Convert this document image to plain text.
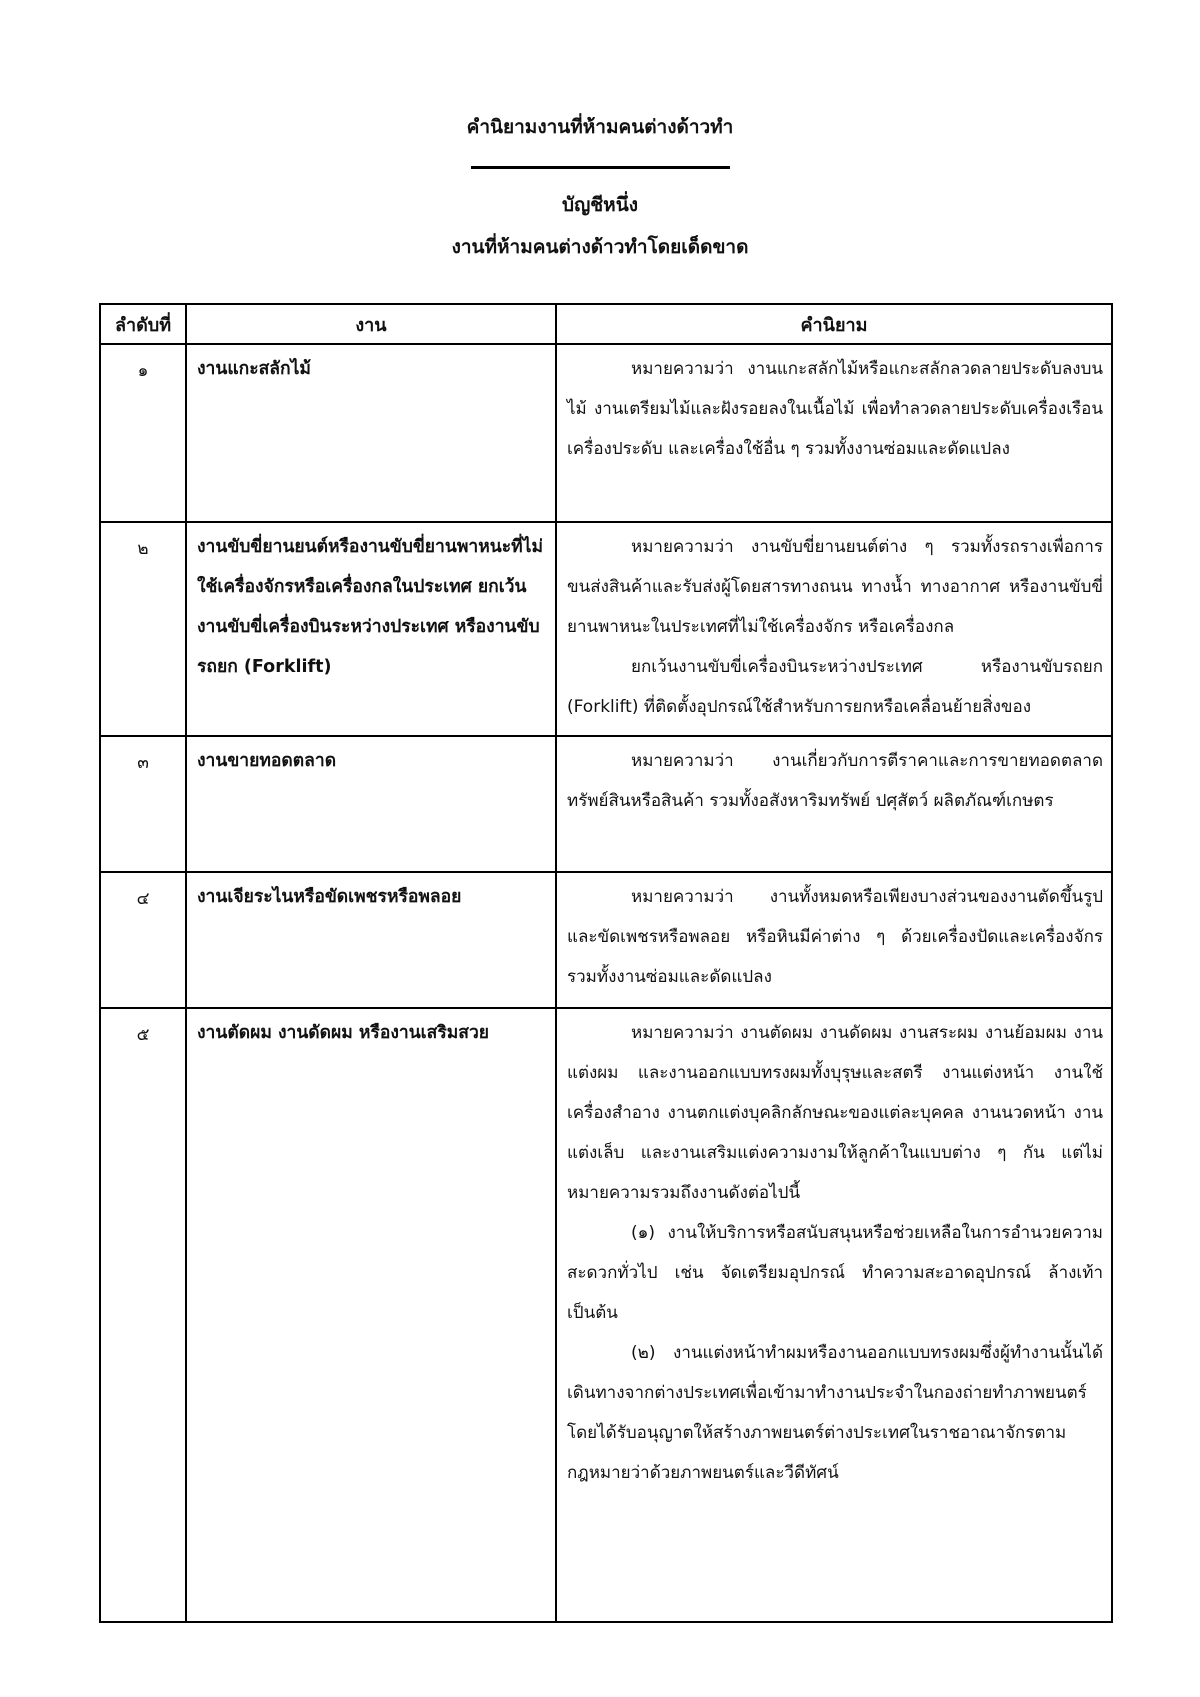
คำนิยามงานที่ห้ามคนต่างด้าวทำ
บัญชีหนึ่ง
งานที่ห้ามคนต่างด้าวทำโดยเด็ดขาด
ลำดับที่	งาน	คำนิยาม
๑	งานแกะสลักไม้	หมายความว่า งานแกะสลักไม้หรือแกะสลักลวดลายประดับลงบนไม้ งานเตรียมไม้และฝังรอยลงในเนื้อไม้ เพื่อทำลวดลายประดับเครื่องเรือน เครื่องประดับ และเครื่องใช้อื่น ๆ รวมทั้งงานซ่อมและดัดแปลง

๒	งานขับขี่ยานยนต์หรืองานขับขี่ยานพาหนะที่ไม่ใช้เครื่องจักรหรือเครื่องกลในประเทศ ยกเว้นงานขับขี่เครื่องบินระหว่างประเทศ หรืองานขับรถยก (Forklift)	หมายความว่า งานขับขี่ยานยนต์ต่าง ๆ รวมทั้งรถรางเพื่อการขนส่งสินค้าและรับส่งผู้โดยสารทางถนน ทางน้ำ ทางอากาศ หรืองานขับขี่ยานพาหนะในประเทศที่ไม่ใช้เครื่องจักร หรือเครื่องกล

ยกเว้นงานขับขี่เครื่องบินระหว่างประเทศ หรืองานขับรถยก (Forklift) ที่ติดตั้งอุปกรณ์ใช้สำหรับการยกหรือเคลื่อนย้ายสิ่งของ

๓	งานขายทอดตลาด	หมายความว่า งานเกี่ยวกับการตีราคาและการขายทอดตลาดทรัพย์สินหรือสินค้า รวมทั้งอสังหาริมทรัพย์ ปศุสัตว์ ผลิตภัณฑ์เกษตร

๔	งานเจียระไนหรือขัดเพชรหรือพลอย	หมายความว่า งานทั้งหมดหรือเพียงบางส่วนของงานตัดขึ้นรูป และขัดเพชรหรือพลอย หรือหินมีค่าต่าง ๆ ด้วยเครื่องปัดและเครื่องจักร รวมทั้งงานซ่อมและดัดแปลง

๕	งานตัดผม งานดัดผม หรืองานเสริมสวย	หมายความว่า งานตัดผม งานดัดผม งานสระผม งานย้อมผม งานแต่งผม และงานออกแบบทรงผมทั้งบุรุษและสตรี งานแต่งหน้า งานใช้เครื่องสำอาง งานตกแต่งบุคลิกลักษณะของแต่ละบุคคล งานนวดหน้า งานแต่งเล็บ และงานเสริมแต่งความงามให้ลูกค้าในแบบต่าง ๆ กัน แต่ไม่หมายความรวมถึงงานดังต่อไปนี้

(๑) งานให้บริการหรือสนับสนุนหรือช่วยเหลือในการอำนวยความสะดวกทั่วไป เช่น จัดเตรียมอุปกรณ์ ทำความสะอาดอุปกรณ์ ล้างเท้า เป็นต้น

(๒) งานแต่งหน้าทำผมหรืองานออกแบบทรงผมซึ่งผู้ทำงานนั้นได้เดินทางจากต่างประเทศเพื่อเข้ามาทำงานประจำในกองถ่ายทำภาพยนตร์ โดยได้รับอนุญาตให้สร้างภาพยนตร์ต่างประเทศในราชอาณาจักรตามกฎหมายว่าด้วยภาพยนตร์และวีดีทัศน์
